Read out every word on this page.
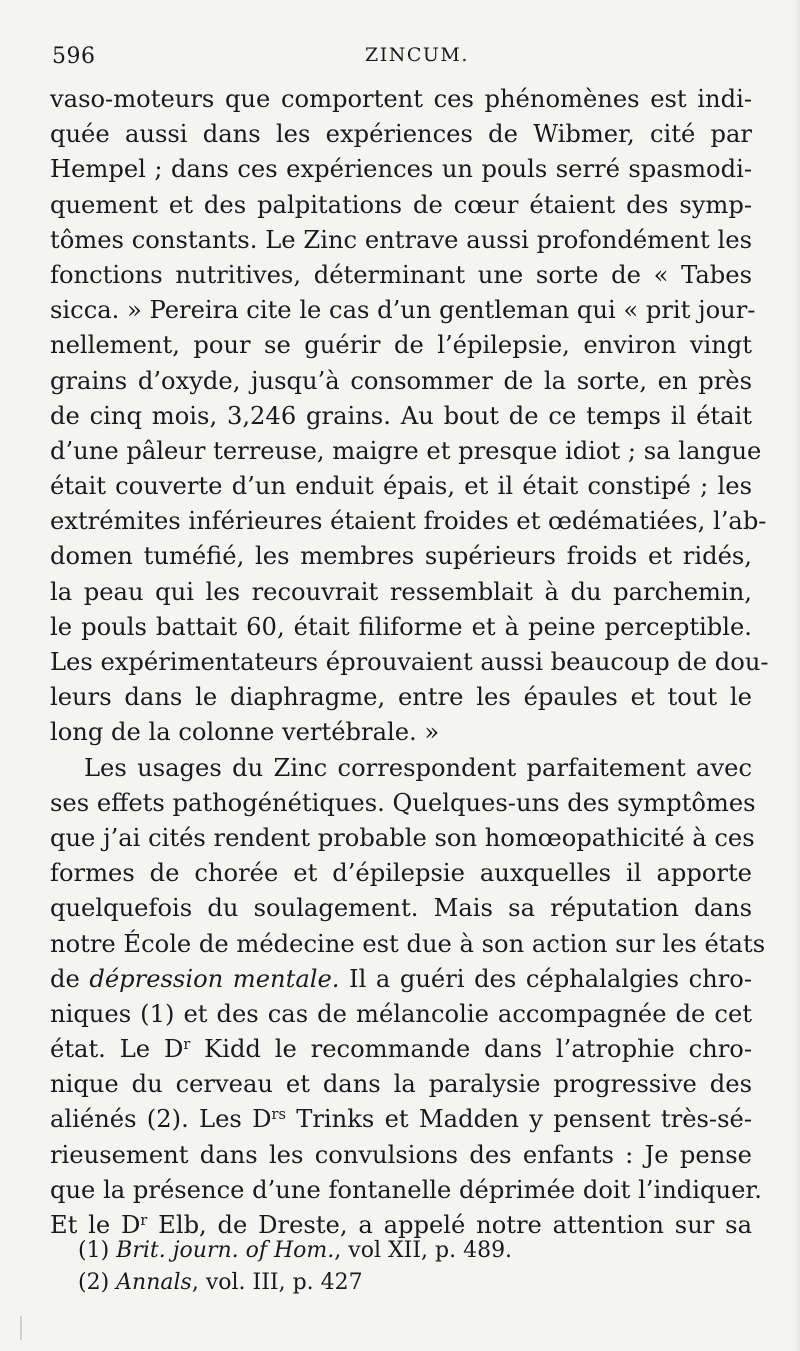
596	ZINCUM.
vaso-moteurs que comportent ces phénomènes est indi-
quée aussi dans les expériences de Wibmer, cité par
Hempel ; dans ces expériences un pouls serré spasmodi-
quement et des palpitations de cœur étaient des symp-
tômes constants. Le Zinc entrave aussi profondément les
fonctions nutritives, déterminant une sorte de « Tabes
sicca. » Pereira cite le cas d’un gentleman qui « prit jour-
nellement, pour se guérir de l’épilepsie, environ vingt
grains d’oxyde, jusqu’à consommer de la sorte, en près
de cinq mois, 3,246 grains. Au bout de ce temps il était
d’une pâleur terreuse, maigre et presque idiot ; sa langue
était couverte d’un enduit épais, et il était constipé ; les
extrémites inférieures étaient froides et œdématiées, l’ab-
domen tuméfié, les membres supérieurs froids et ridés,
la peau qui les recouvrait ressemblait à du parchemin,
le pouls battait 60, était filiforme et à peine perceptible.
Les expérimentateurs éprouvaient aussi beaucoup de dou-
leurs dans le diaphragme, entre les épaules et tout le
long de la colonne vertébrale. »
Les usages du Zinc correspondent parfaitement avec
ses effets pathogénétiques. Quelques-uns des symptômes
que j’ai cités rendent probable son homœopathicité à ces
formes de chorée et d’épilepsie auxquelles il apporte
quelquefois du soulagement. Mais sa réputation dans
notre École de médecine est due à son action sur les états
de dépression mentale. Il a guéri des céphalalgies chro-
niques (1) et des cas de mélancolie accompagnée de cet
état. Le $D^r$ Kidd le recommande dans l’atrophie chro-
nique du cerveau et dans la paralysie progressive des
aliénés (2). Les $D^{rs}$ Trinks et Madden y pensent très-sé-
rieusement dans les convulsions des enfants : Je pense
que la présence d’une fontanelle déprimée doit l’indiquer.
Et le $D^r$ Elb, de Dreste, a appelé notre attention sur sa
(1) Brit. journ. of Hom., vol XII, p. 489.
(2) Annals, vol. III, p. 427
